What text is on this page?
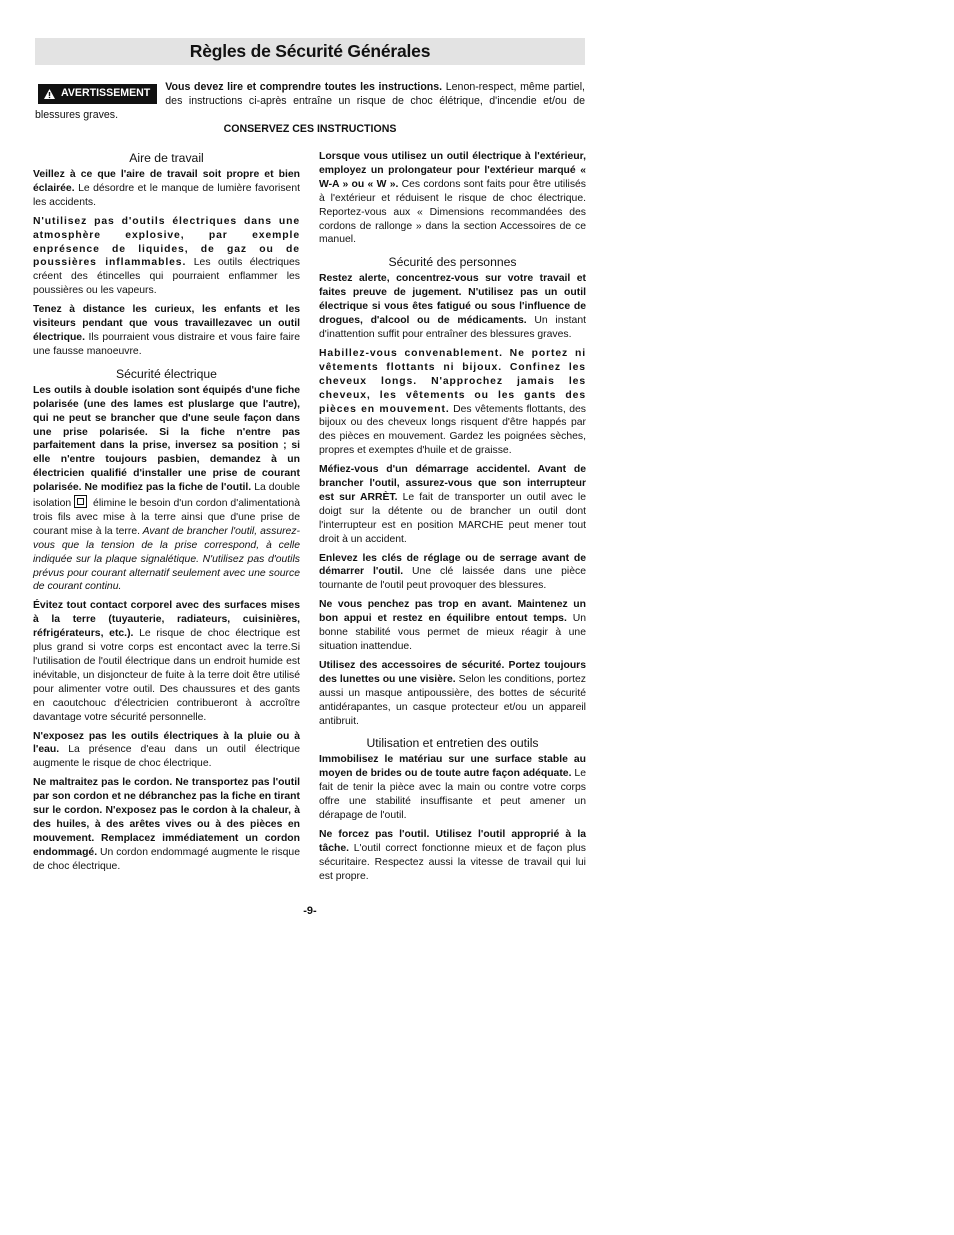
Règles de Sécurité Générales
AVERTISSEMENT	Vous devez lire et comprendre toutes les instructions. Lenon-respect, même partiel, des instructions ci-après entraîne un risque de choc élétrique, d'incendie et/ou de blessures graves.
CONSERVEZ CES INSTRUCTIONS
Aire de travail

Veillez à ce que l'aire de travail soit propre et bien éclairée. Le désordre et le manque de lumière favorisent les accidents.

N'utilisez pas d'outils électriques dans une atmosphère explosive, par exemple enprésence de liquides, de gaz ou de poussières inflammables. Les outils électriques créent des étincelles qui pourraient enflammer les poussières ou les vapeurs.

Tenez à distance les curieux, les enfants et les visiteurs pendant que vous travaillezavec un outil électrique. Ils pourraient vous distraire et vous faire faire une fausse manoeuvre.

Sécurité électrique

Les outils à double isolation sont équipés d'une fiche polarisée (une des lames est pluslarge que l'autre), qui ne peut se brancher que d'une seule façon dans une prise polarisée. Si la fiche n'entre pas parfaitement dans la prise, inversez sa position ; si elle n'entre toujours pasbien, demandez à un électricien qualifié d'installer une prise de courant polarisée. Ne modifiez pas la fiche de l'outil. La double isolation élimine le besoin d'un cordon d'alimentationà trois fils avec mise à la terre ainsi que d'une prise de courant mise à la terre. Avant de brancher l'outil, assurez-vous que la tension de la prise correspond, à celle indiquée sur la plaque signalétique. N'utilisez pas d'outils prévus pour courant alternatif seulement avec une source de courant continu.

Évitez tout contact corporel avec des surfaces mises à la terre (tuyauterie, radiateurs, cuisinières, réfrigérateurs, etc.). Le risque de choc électrique est plus grand si votre corps est encontact avec la terre.Si l'utilisation de l'outil électrique dans un endroit humide est inévitable, un disjoncteur de fuite à la terre doit être utilisé pour alimenter votre outil. Des chaussures et des gants en caoutchouc d'électricien contribueront à accroître davantage votre sécurité personnelle.

N'exposez pas les outils électriques à la pluie ou à l'eau. La présence d'eau dans un outil électrique augmente le risque de choc électrique.

Ne maltraitez pas le cordon. Ne transportez pas l'outil par son cordon et ne débranchez pas la fiche en tirant sur le cordon. N'exposez pas le cordon à la chaleur, à des huiles, à des arêtes vives ou à des pièces en mouvement. Remplacez immédiatement un cordon endommagé. Un cordon endommagé augmente le risque de choc électrique.

Lorsque vous utilisez un outil électrique à l'extérieur, employez un prolongateur pour l'extérieur marqué « W-A » ou « W ». Ces cordons sont faits pour être utilisés à l'extérieur et réduisent le risque de choc électrique. Reportez-vous aux « Dimensions recommandées des cordons de rallonge » dans la section Accessoires de ce manuel.

Sécurité des personnes

Restez alerte, concentrez-vous sur votre travail et faites preuve de jugement. N'utilisez pas un outil électrique si vous êtes fatigué ou sous l'influence de drogues, d'alcool ou de médicaments. Un instant d'inattention suffit pour entraîner des blessures graves.

Habillez-vous convenablement. Ne portez ni vêtements flottants ni bijoux. Confinez les cheveux longs. N'approchez jamais les cheveux, les vêtements ou les gants des pièces en mouvement. Des vêtements flottants, des bijoux ou des cheveux longs risquent d'être happés par des pièces en mouvement. Gardez les poignées sèches, propres et exemptes d'huile et de graisse.

Méfiez-vous d'un démarrage accidentel. Avant de brancher l'outil, assurez-vous que son interrupteur est sur ARRÈT. Le fait de transporter un outil avec le doigt sur la détente ou de brancher un outil dont l'interrupteur est en position MARCHE peut mener tout droit à un accident.

Enlevez les clés de réglage ou de serrage avant de démarrer l'outil. Une clé laissée dans une pièce tournante de l'outil peut provoquer des blessures.

Ne vous penchez pas trop en avant. Maintenez un bon appui et restez en équilibre entout temps. Un bonne stabilité vous permet de mieux réagir à une situation inattendue.

Utilisez des accessoires de sécurité. Portez toujours des lunettes ou une visière. Selon les conditions, portez aussi un masque antipoussière, des bottes de sécurité antidérapantes, un casque protecteur et/ou un appareil antibruit.

Utilisation et entretien des outils

Immobilisez le matériau sur une surface stable au moyen de brides ou de toute autre façon adéquate. Le fait de tenir la pièce avec la main ou contre votre corps offre une stabilité insuffisante et peut amener un dérapage de l'outil.

Ne forcez pas l'outil. Utilisez l'outil approprié à la tâche. L'outil correct fonctionne mieux et de façon plus sécuritaire. Respectez aussi la vitesse de travail qui lui est propre.

-9-
